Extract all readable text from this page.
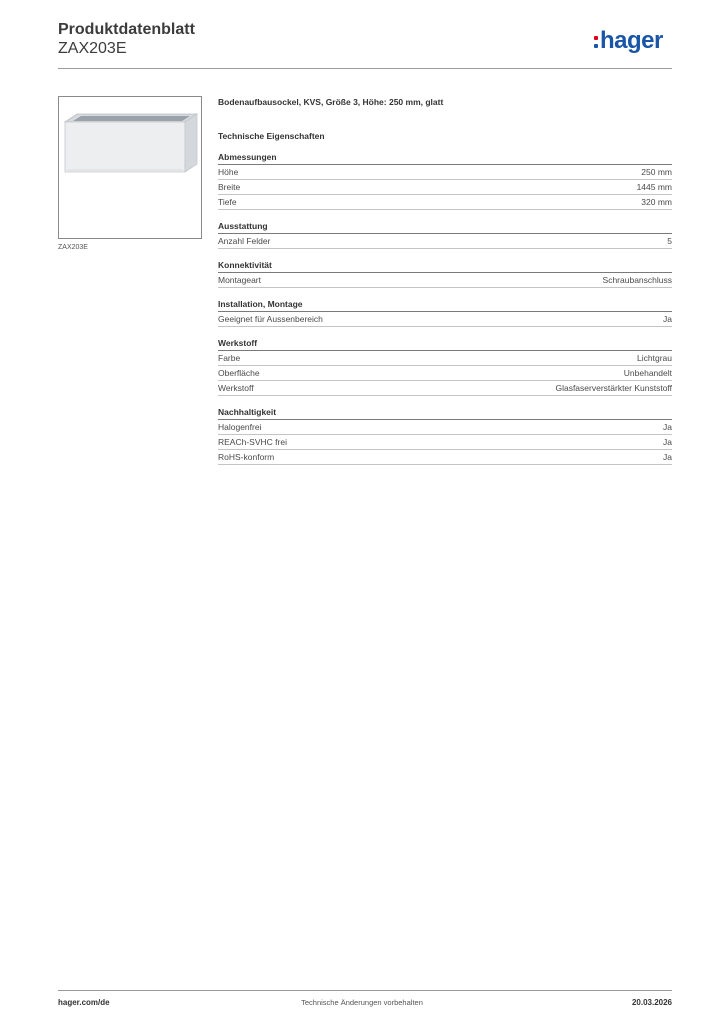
Produktdatenblatt
ZAX203E	hager
ZAX203E
Bodenaufbausockel, KVS, Größe 3, Höhe: 250 mm, glatt
Technische Eigenschaften
Abmessungen
Höhe	250 mm
Breite	1445 mm
Tiefe	320 mm
Ausstattung
Anzahl Felder	5
Konnektivität
Montageart	Schraubanschluss
Installation, Montage
Geeignet für Aussenbereich	Ja
Werkstoff
Farbe	Lichtgrau
Oberfläche	Unbehandelt
Werkstoff	Glasfaserverstärkter Kunststoff
Nachhaltigkeit
Halogenfrei	Ja
REACh-SVHC frei	Ja
RoHS-konform	Ja
hager.com/de	Technische Änderungen vorbehalten	20.03.2026
